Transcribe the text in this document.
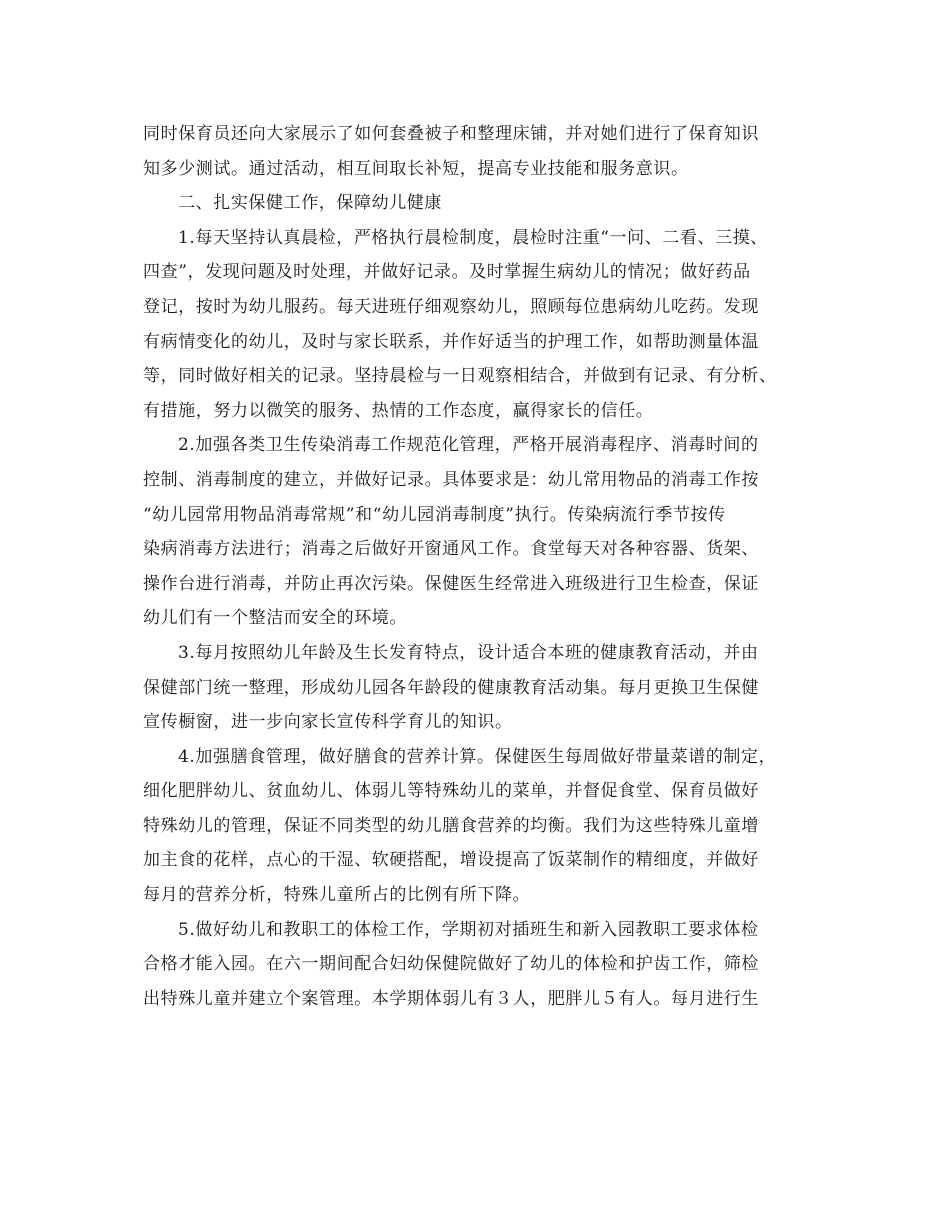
同时保育员还向大家展示了如何套叠被子和整理床铺，并对她们进行了保育知识
知多少测试。通过活动，相互间取长补短，提高专业技能和服务意识。
二、扎实保健工作，保障幼儿健康
1.每天坚持认真晨检，严格执行晨检制度，晨检时注重“一问、二看、三摸、
四查”，发现问题及时处理，并做好记录。及时掌握生病幼儿的情况；做好药品
登记，按时为幼儿服药。每天进班仔细观察幼儿，照顾每位患病幼儿吃药。发现
有病情变化的幼儿，及时与家长联系，并作好适当的护理工作，如帮助测量体温
等，同时做好相关的记录。坚持晨检与一日观察相结合，并做到有记录、有分析、
有措施，努力以微笑的服务、热情的工作态度，赢得家长的信任。
2.加强各类卫生传染消毒工作规范化管理，严格开展消毒程序、消毒时间的
控制、消毒制度的建立，并做好记录。具体要求是：幼儿常用物品的消毒工作按
“幼儿园常用物品消毒常规”和“幼儿园消毒制度”执行。传染病流行季节按传
染病消毒方法进行；消毒之后做好开窗通风工作。食堂每天对各种容器、货架、
操作台进行消毒，并防止再次污染。保健医生经常进入班级进行卫生检查，保证
幼儿们有一个整洁而安全的环境。
3.每月按照幼儿年龄及生长发育特点，设计适合本班的健康教育活动，并由
保健部门统一整理，形成幼儿园各年龄段的健康教育活动集。每月更换卫生保健
宣传橱窗，进一步向家长宣传科学育儿的知识。
4.加强膳食管理，做好膳食的营养计算。保健医生每周做好带量菜谱的制定，
细化肥胖幼儿、贫血幼儿、体弱儿等特殊幼儿的菜单，并督促食堂、保育员做好
特殊幼儿的管理，保证不同类型的幼儿膳食营养的均衡。我们为这些特殊儿童增
加主食的花样，点心的干湿、软硬搭配，增设提高了饭菜制作的精细度，并做好
每月的营养分析，特殊儿童所占的比例有所下降。
5.做好幼儿和教职工的体检工作，学期初对插班生和新入园教职工要求体检
合格才能入园。在六一期间配合妇幼保健院做好了幼儿的体检和护齿工作，筛检
出特殊儿童并建立个案管理。本学期体弱儿有３人，肥胖儿５有人。每月进行生
